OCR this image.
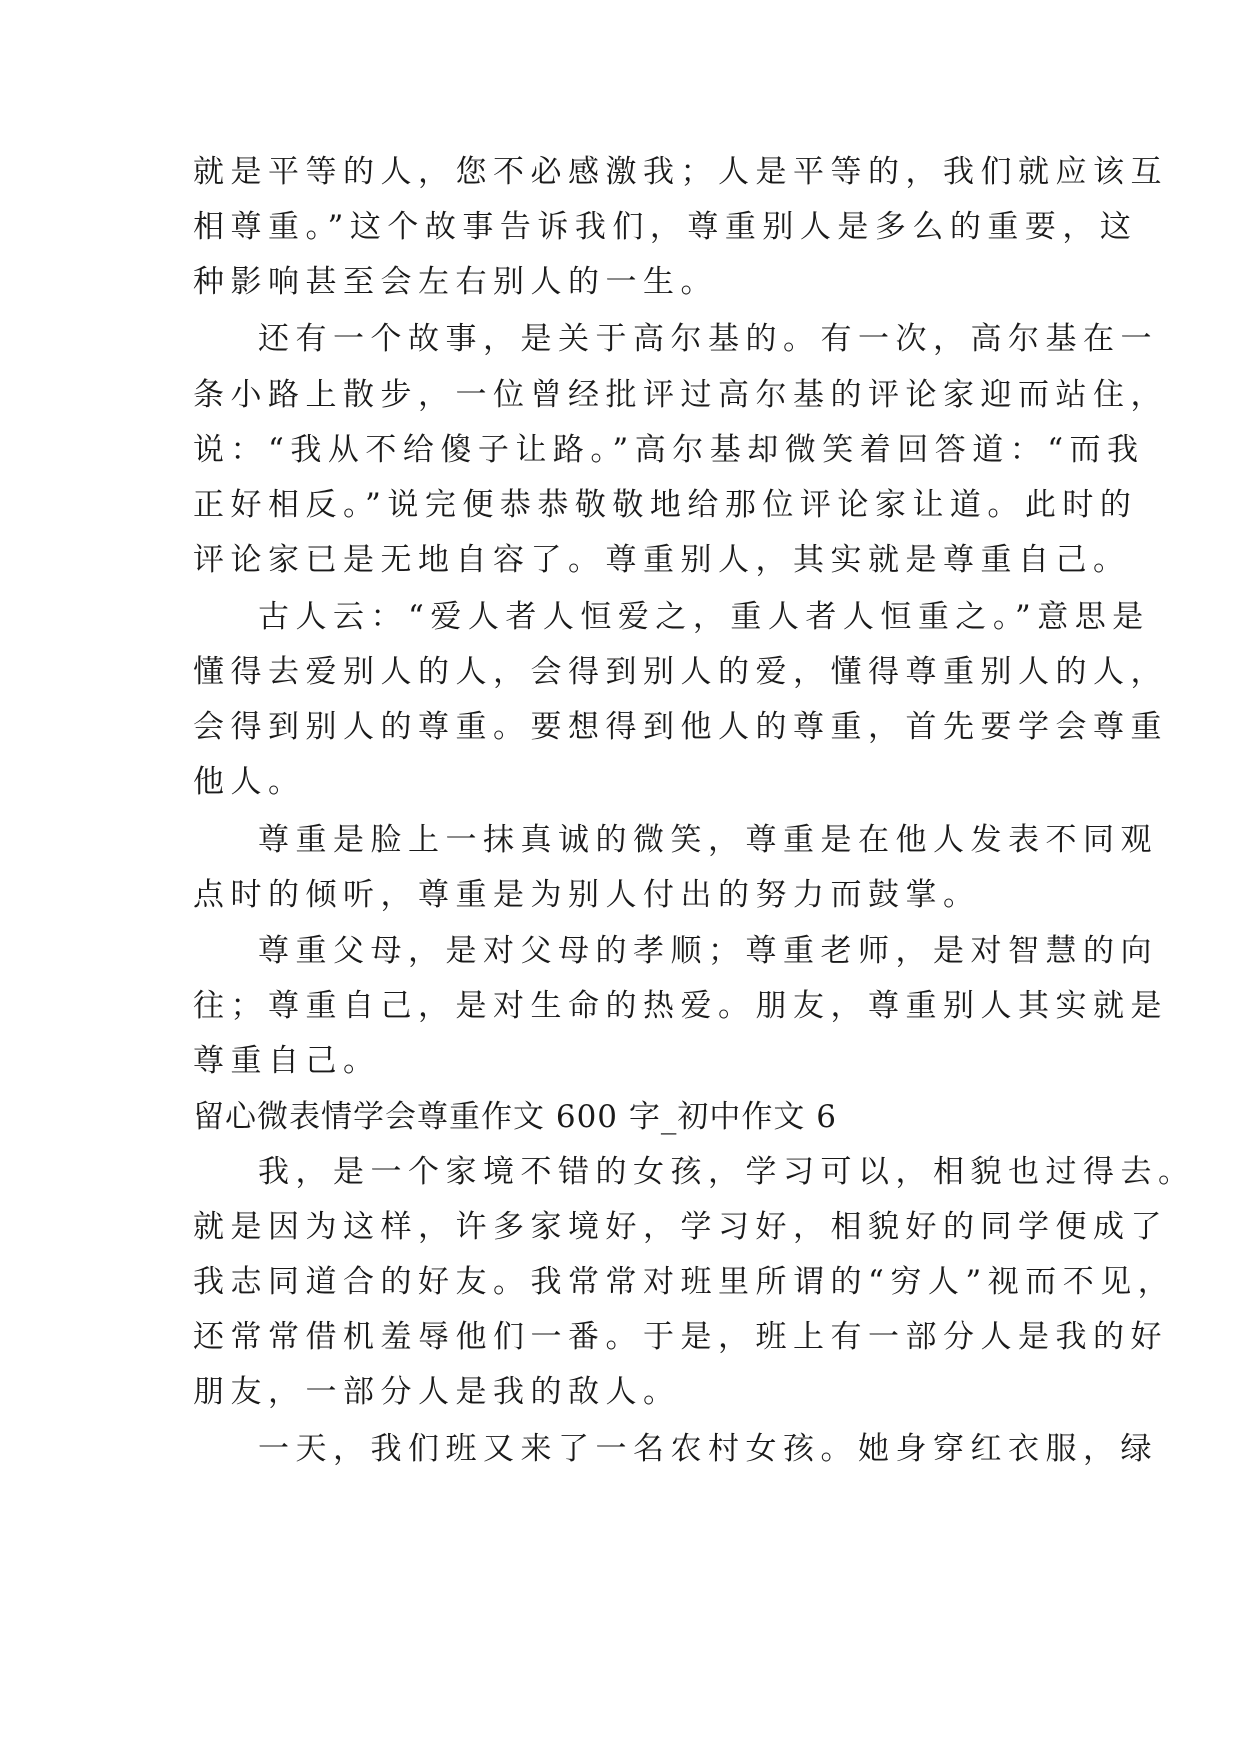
就是平等的人，您不必感激我；人是平等的，我们就应该互
相尊重。”这个故事告诉我们，尊重别人是多么的重要，这
种影响甚至会左右别人的一生。
还有一个故事，是关于高尔基的。有一次，高尔基在一
条小路上散步，一位曾经批评过高尔基的评论家迎而站住，
说：“我从不给傻子让路。”高尔基却微笑着回答道：“而我
正好相反。”说完便恭恭敬敬地给那位评论家让道。此时的
评论家已是无地自容了。尊重别人，其实就是尊重自己。
古人云：“爱人者人恒爱之，重人者人恒重之。”意思是
懂得去爱别人的人，会得到别人的爱，懂得尊重别人的人，
会得到别人的尊重。要想得到他人的尊重，首先要学会尊重
他人。
尊重是脸上一抹真诚的微笑，尊重是在他人发表不同观
点时的倾听，尊重是为别人付出的努力而鼓掌。
尊重父母，是对父母的孝顺；尊重老师，是对智慧的向
往；尊重自己，是对生命的热爱。朋友，尊重别人其实就是
尊重自己。
留心微表情学会尊重作文 600 字_初中作文 6
我，是一个家境不错的女孩，学习可以，相貌也过得去。
就是因为这样，许多家境好，学习好，相貌好的同学便成了
我志同道合的好友。我常常对班里所谓的“穷人”视而不见，
还常常借机羞辱他们一番。于是，班上有一部分人是我的好
朋友，一部分人是我的敌人。
一天，我们班又来了一名农村女孩。她身穿红衣服，绿
